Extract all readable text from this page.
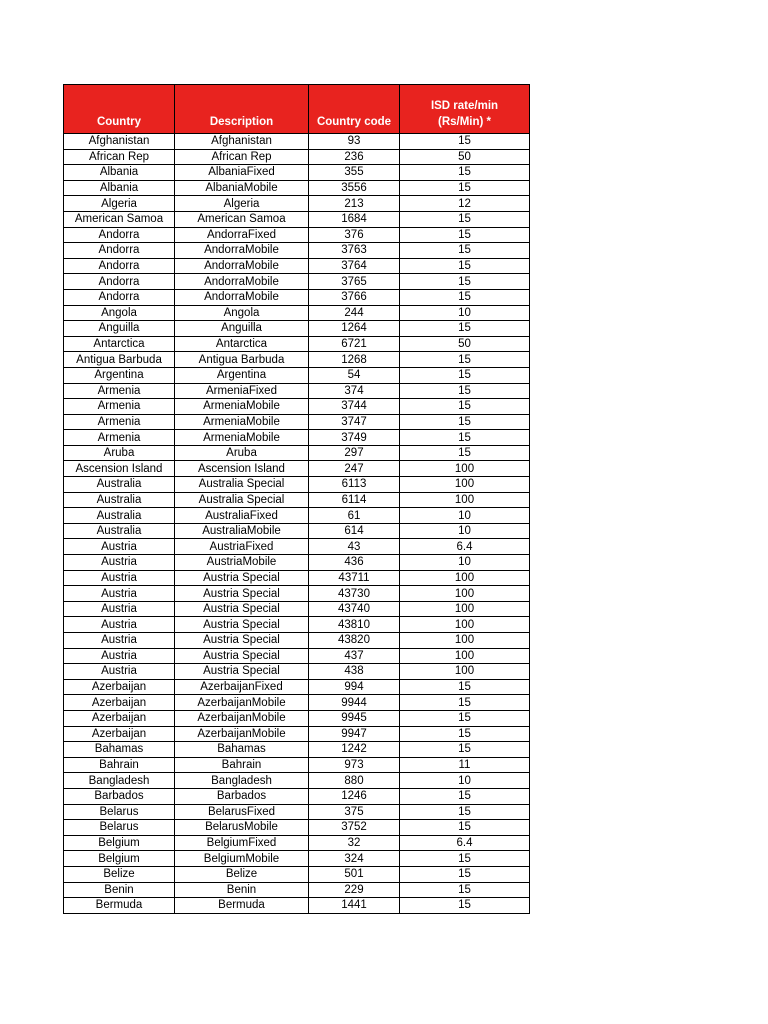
Country	Description	Country code	ISD rate/min (Rs/Min) *
Afghanistan	Afghanistan	93	15
African Rep	African Rep	236	50
Albania	AlbaniaFixed	355	15
Albania	AlbaniaMobile	3556	15
Algeria	Algeria	213	12
American Samoa	American Samoa	1684	15
Andorra	AndorraFixed	376	15
Andorra	AndorraMobile	3763	15
Andorra	AndorraMobile	3764	15
Andorra	AndorraMobile	3765	15
Andorra	AndorraMobile	3766	15
Angola	Angola	244	10
Anguilla	Anguilla	1264	15
Antarctica	Antarctica	6721	50
Antigua Barbuda	Antigua Barbuda	1268	15
Argentina	Argentina	54	15
Armenia	ArmeniaFixed	374	15
Armenia	ArmeniaMobile	3744	15
Armenia	ArmeniaMobile	3747	15
Armenia	ArmeniaMobile	3749	15
Aruba	Aruba	297	15
Ascension Island	Ascension Island	247	100
Australia	Australia Special	6113	100
Australia	Australia Special	6114	100
Australia	AustraliaFixed	61	10
Australia	AustraliaMobile	614	10
Austria	AustriaFixed	43	6.4
Austria	AustriaMobile	436	10
Austria	Austria Special	43711	100
Austria	Austria Special	43730	100
Austria	Austria Special	43740	100
Austria	Austria Special	43810	100
Austria	Austria Special	43820	100
Austria	Austria Special	437	100
Austria	Austria Special	438	100
Azerbaijan	AzerbaijanFixed	994	15
Azerbaijan	AzerbaijanMobile	9944	15
Azerbaijan	AzerbaijanMobile	9945	15
Azerbaijan	AzerbaijanMobile	9947	15
Bahamas	Bahamas	1242	15
Bahrain	Bahrain	973	11
Bangladesh	Bangladesh	880	10
Barbados	Barbados	1246	15
Belarus	BelarusFixed	375	15
Belarus	BelarusMobile	3752	15
Belgium	BelgiumFixed	32	6.4
Belgium	BelgiumMobile	324	15
Belize	Belize	501	15
Benin	Benin	229	15
Bermuda	Bermuda	1441	15
